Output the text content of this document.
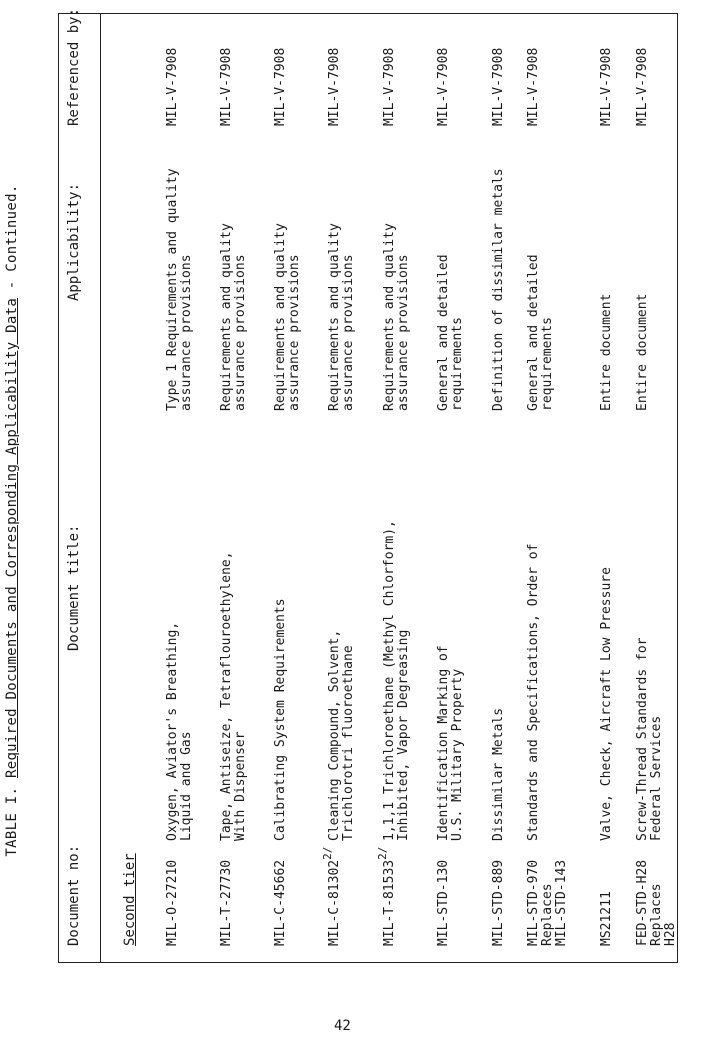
TABLE I. Required Documents and Corresponding Applicability Data - Continued.
Document no:
Document title:
Applicability:
Referenced by:
Second tier MIL-O-27210
Oxygen, Aviator's Breathing,
Liquid and Gas
Type 1 Requirements and quality
assurance provisions
MIL-V-7908
MIL-T-27730
Tape, Antiseize, Tetraflouroethylene,
With Dispenser
Requirements and quality
assurance provisions
MIL-V-7908
MIL-C-45662
Calibrating System Requirements
Requirements and quality
assurance provisions
MIL-V-7908
MIL-$C-81302^{2/}$
Cleaning Compound, Solvent,
Trichlorotri fluoroethane
Requirements and quality
assurance provisions
MIL-V-7908
MIL-$T-81533^{2/}$
1,1,1 Trichloroethane (Methyl Chlorform),
Inhibited, Vapor Degreasing
Requirements and quality
assurance provisions
MIL-V-7908
MIL-STD-130
Identification Marking of
U.S. Military Property
General and detailed requirements
MIL-V-7908
MIL-STD-889
Dissimilar Metals
Definition of dissimilar metals
MIL-V-7908
MIL-STD-970
Replaces
MIL-STD-143
Standards and Specifications, Order of
General and detailed requirements
MIL-V-7908
MS21211
Valve, Check, Aircraft Low Pressure
Entire document
MIL-V-7908
FED-STD-H28
Replaces
H28
Screw-Thread Standards for
Federal Services
Entire document
MIL-V-7908
42
